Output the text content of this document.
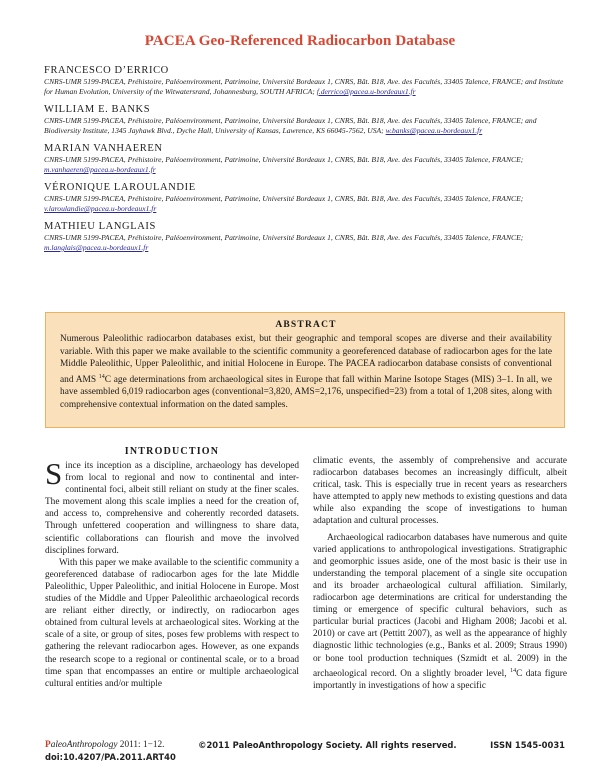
PACEA Geo-Referenced Radiocarbon Database
FRANCESCO D’ERRICO
CNRS-UMR 5199-PACEA, Préhistoire, Paléoenvironment, Patrimoine, Université Bordeaux 1, CNRS, Bât. B18, Ave. des Facultés, 33405 Talence, FRANCE; and Institute for Human Evolution, University of the Witwatersrand, Johannesburg, SOUTH AFRICA; f.derrico@pacea.u-bordeaux1.fr
WILLIAM E. BANKS
CNRS-UMR 5199-PACEA, Préhistoire, Paléoenvironment, Patrimoine, Université Bordeaux 1, CNRS, Bât. B18, Ave. des Facultés, 33405 Talence, FRANCE; and Biodiversity Institute, 1345 Jayhawk Blvd., Dyche Hall, University of Kansas, Lawrence, KS 66045-7562, USA; w.banks@pacea.u-bordeaux1.fr
MARIAN VANHAEREN
CNRS-UMR 5199-PACEA, Préhistoire, Paléoenvironment, Patrimoine, Université Bordeaux 1, CNRS, Bât. B18, Ave. des Facultés, 33405 Talence, FRANCE; m.vanhaeren@pacea.u-bordeaux1.fr
VÉRONIQUE LAROULANDIE
CNRS-UMR 5199-PACEA, Préhistoire, Paléoenvironment, Patrimoine, Université Bordeaux 1, CNRS, Bât. B18, Ave. des Facultés, 33405 Talence, FRANCE; v.laroulandie@pacea.u-bordeaux1.fr
MATHIEU LANGLAIS
CNRS-UMR 5199-PACEA, Préhistoire, Paléoenvironment, Patrimoine, Université Bordeaux 1, CNRS, Bât. B18, Ave. des Facultés, 33405 Talence, FRANCE; m.langlais@pacea.u-bordeaux1.fr
ABSTRACT

Numerous Paleolithic radiocarbon databases exist, but their geographic and temporal scopes are diverse and their availability variable. With this paper we make available to the scientific community a georeferenced database of radiocarbon ages for the late Middle Paleolithic, Upper Paleolithic, and initial Holocene in Europe. The PACEA radiocarbon database consists of conventional and AMS $^{14}$C age determinations from archaeological sites in Europe that fall within Marine Isotope Stages (MIS) 3–1. In all, we have assembled 6,019 radiocarbon ages (conventional=3,820, AMS=2,176, unspecified=23) from a total of 1,208 sites, along with comprehensive contextual information on the dated samples.

INTRODUCTION

Since its inception as a discipline, archaeology has developed from local to regional and now to continental and inter-continental foci, albeit still reliant on study at the finer scales. The movement along this scale implies a need for the creation of, and access to, comprehensive and coherently recorded datasets. Through unfettered cooperation and willingness to share data, scientific collaborations can flourish and move the involved disciplines forward.

With this paper we make available to the scientific community a georeferenced database of radiocarbon ages for the late Middle Paleolithic, Upper Paleolithic, and initial Holocene in Europe. Most studies of the Middle and Upper Paleolithic archaeological records are reliant either directly, or indirectly, on radiocarbon ages obtained from cultural levels at archaeological sites. Working at the scale of a site, or group of sites, poses few problems with respect to gathering the relevant radiocarbon ages. However, as one expands the research scope to a regional or continental scale, or to a broad time span that encompasses an entire or multiple archaeological cultural entities and/or multiple

climatic events, the assembly of comprehensive and accurate radiocarbon databases becomes an increasingly difficult, albeit critical, task. This is especially true in recent years as researchers have attempted to apply new methods to existing questions and data while also expanding the scope of investigations to human adaptation and cultural processes.

Archaeological radiocarbon databases have numerous and quite varied applications to anthropological investigations. Stratigraphic and geomorphic issues aside, one of the most basic is their use in understanding the temporal placement of a single site occupation and its broader archaeological cultural affiliation. Similarly, radiocarbon age determinations are critical for understanding the timing or emergence of specific cultural behaviors, such as particular burial practices (Jacobi and Higham 2008; Jacobi et al. 2010) or cave art (Pettitt 2007), as well as the appearance of highly diagnostic lithic technologies (e.g., Banks et al. 2009; Straus 1990) or bone tool production techniques (Szmidt et al. 2009) in the archaeological record. On a slightly broader level, $^{14}$C data figure importantly in investigations of how a specific

PaleoAnthropology 2011: 1−12.	©2011 PaleoAnthropology Society. All rights reserved.	ISSN 1545-0031
doi:10.4207/PA.2011.ART40
